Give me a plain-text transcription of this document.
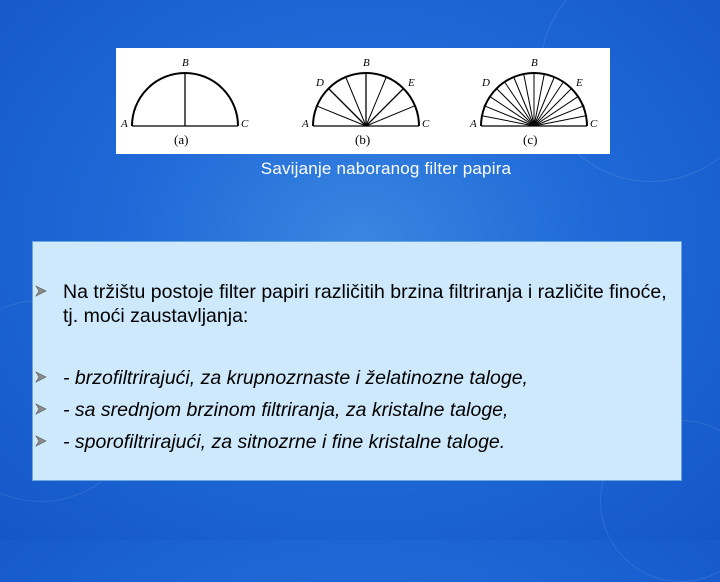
B
A	C
(a)
B
A	C
D	E
(b)
B
A	C
D	E
(c)
Savijanje naboranog filter papira
Na tržištu postoje filter papiri različitih brzina filtriranja i različite finoće, tj. moći zaustavljanja:
- brzofiltrirajući, za krupnozrnaste i želatinozne taloge,
- sa srednjom brzinom filtriranja, za kristalne taloge,
- sporofiltrirajući, za sitnozrne i fine kristalne taloge.
